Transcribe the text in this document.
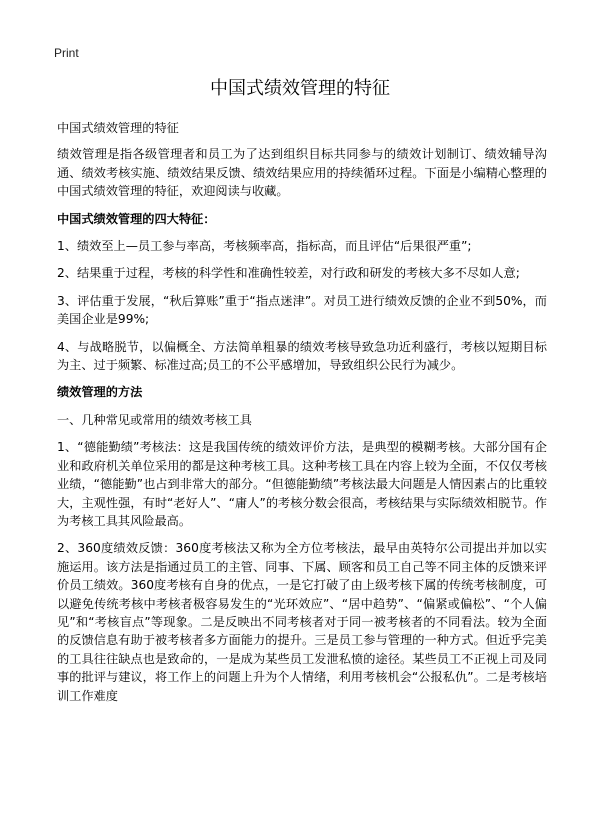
Print
中国式绩效管理的特征

中国式绩效管理的特征

绩效管理是指各级管理者和员工为了达到组织目标共同参与的绩效计划制订、绩效辅导沟通、绩效考核实施、绩效结果反馈、绩效结果应用的持续循环过程。下面是小编精心整理的中国式绩效管理的特征，欢迎阅读与收藏。

中国式绩效管理的四大特征：

1、绩效至上—员工参与率高，考核频率高，指标高，而且评估“后果很严重”;

2、结果重于过程，考核的科学性和准确性较差，对行政和研发的考核大多不尽如人意;

3、评估重于发展，“秋后算账”重于“指点迷津”。对员工进行绩效反馈的企业不到50%，而美国企业是99%;

4、与战略脱节，以偏概全、方法简单粗暴的绩效考核导致急功近利盛行，考核以短期目标为主、过于频繁、标准过高;员工的不公平感增加，导致组织公民行为减少。

绩效管理的方法

一、几种常见或常用的绩效考核工具

1、“德能勤绩”考核法：这是我国传统的绩效评价方法，是典型的模糊考核。大部分国有企业和政府机关单位采用的都是这种考核工具。这种考核工具在内容上较为全面，不仅仅考核业绩，“德能勤”也占到非常大的部分。“但德能勤绩”考核法最大问题是人情因素占的比重较大，主观性强，有时“老好人”、“庸人”的考核分数会很高，考核结果与实际绩效相脱节。作为考核工具其风险最高。

2、360度绩效反馈：360度考核法又称为全方位考核法，最早由英特尔公司提出并加以实施运用。该方法是指通过员工的主管、同事、下属、顾客和员工自己等不同主体的反馈来评价员工绩效。360度考核有自身的优点，一是它打破了由上级考核下属的传统考核制度，可以避免传统考核中考核者极容易发生的“光环效应”、“居中趋势”、“偏紧或偏松”、“个人偏见”和“考核盲点”等现象。二是反映出不同考核者对于同一被考核者的不同看法。较为全面的反馈信息有助于被考核者多方面能力的提升。三是员工参与管理的一种方式。但近乎完美的工具往往缺点也是致命的，一是成为某些员工发泄私愤的途径。某些员工不正视上司及同事的批评与建议，将工作上的问题上升为个人情绪，利用考核机会“公报私仇”。二是考核培训工作难度
